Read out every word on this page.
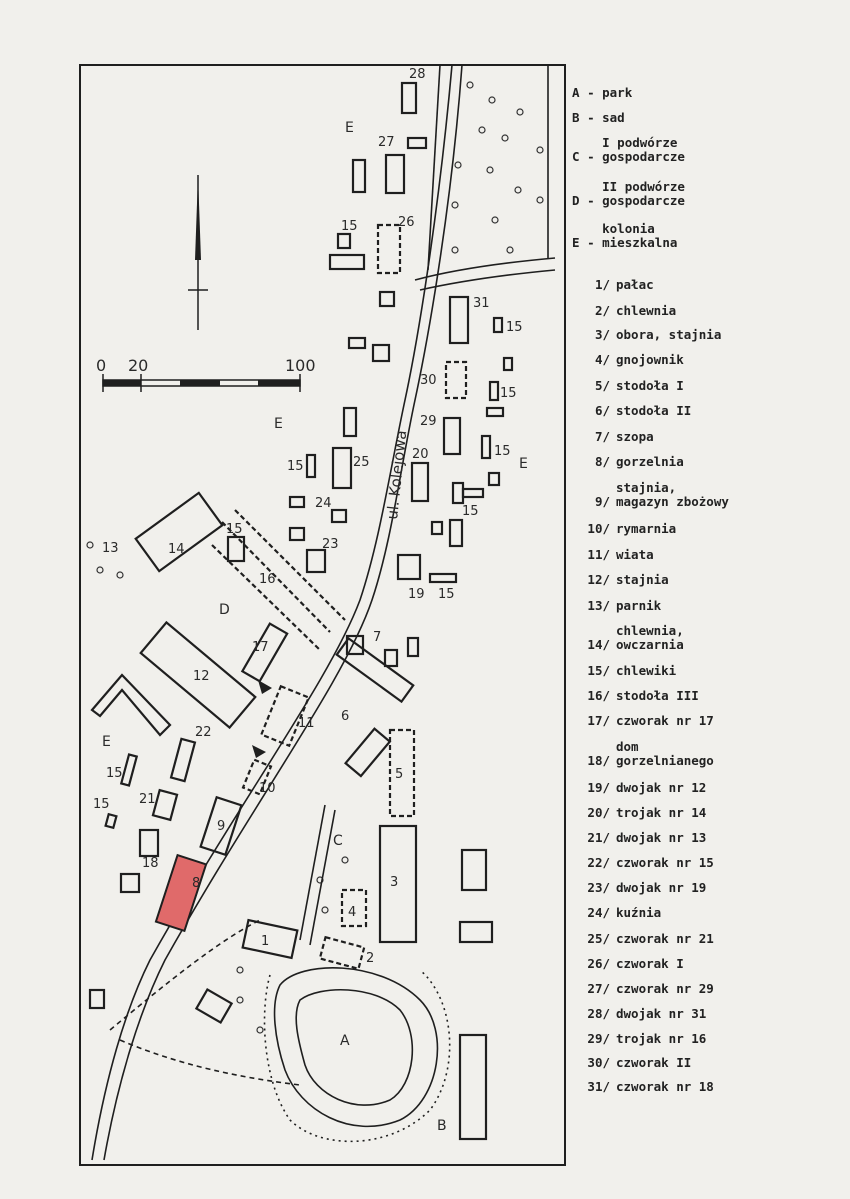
0 20	100
ul. Kolejowa
28
27
26
15
31
15
30
15
29
15
20
15
19 15
25
15
24
23
15
16
14
13
17
12
7
6
11
22
5
10
15
21
15
9
18
8	3
4
1
2
E
E
E
E
D
C
A
B

A - park

B - sad

C - I podwórze
gospodarcze

D - II podwórze
gospodarcze

E - kolonia
mieszkalna

1/ pałac

2/ chlewnia

3/ obora, stajnia

4/ gnojownik

5/ stodoła I

6/ stodoła II

7/ szopa

8/ gorzelnia

9/stajnia,
magazyn zbożowy

10/ rymarnia

11/ wiata

12/ stajnia

13/ parnik

14/chlewnia,
owczarnia

15/ chlewiki

16/ stodoła III

17/ czworak nr 17

18/dom
gorzelnianego

19/ dwojak nr 12

20/ trojak nr 14

21/ dwojak nr 13

22/ czworak nr 15

23/ dwojak nr 19

24/ kuźnia

25/ czworak nr 21

26/ czworak I

27/ czworak nr 29

28/ dwojak nr 31

29/ trojak nr 16

30/ czworak II

31/ czworak nr 18
